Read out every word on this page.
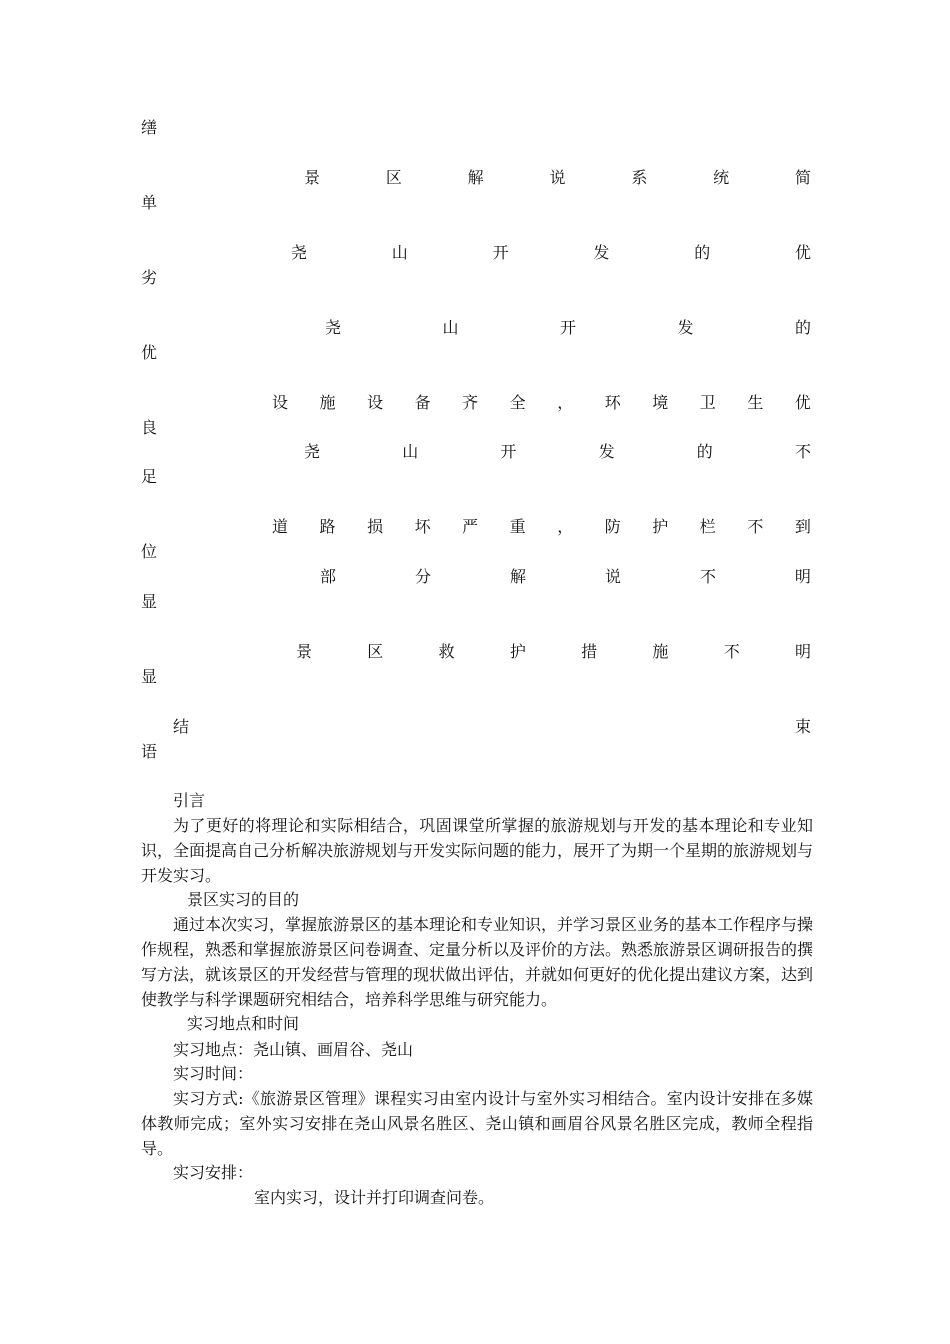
缮
景	区	解	说	系	统	简
单
尧	山	开	发	的	优
劣
尧	山	开	发	的
优
设 施 设 备 齐 全 ， 环 境 卫 生 优
良
尧	山	开	发	的	不
足
道 路 损 坏 严 重 ， 防 护 栏 不 到
位
部	分	解	说	不	明
显
景	区	救	护	措	施	不	明
显
结	束
语
引言

为了更好的将理论和实际相结合，巩固课堂所掌握的旅游规划与开发的基本理论和专业知识，全面提高自己分析解决旅游规划与开发实际问题的能力，展开了为期一个星期的旅游规划与开发实习。

景区实习的目的

通过本次实习，掌握旅游景区的基本理论和专业知识，并学习景区业务的基本工作程序与操作规程，熟悉和掌握旅游景区问卷调查、定量分析以及评价的方法。熟悉旅游景区调研报告的撰写方法，就该景区的开发经营与管理的现状做出评估，并就如何更好的优化提出建议方案，达到使教学与科学课题研究相结合，培养科学思维与研究能力。

实习地点和时间
实习地点：尧山镇、画眉谷、尧山
实习时间：

实习方式:《旅游景区管理》课程实习由室内设计与室外实习相结合。室内设计安排在多媒体教师完成；室外实习安排在尧山风景名胜区、尧山镇和画眉谷风景名胜区完成，教师全程指导。

实习安排：
室内实习，设计并打印调查问卷。
